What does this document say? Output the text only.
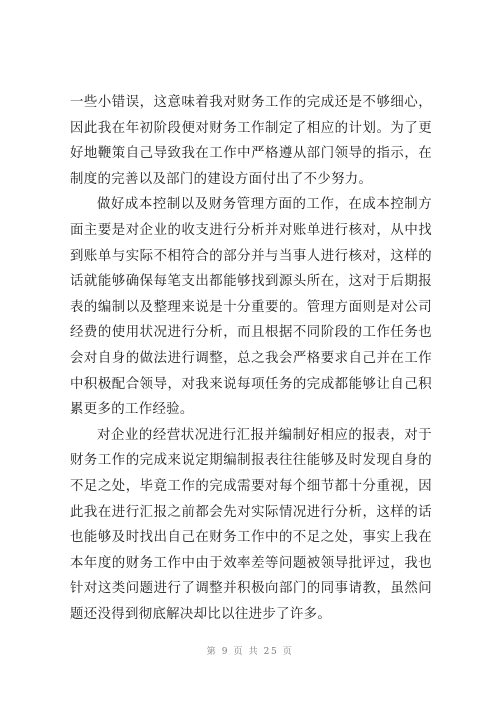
一些小错误，这意味着我对财务工作的完成还是不够细心，因此我在年初阶段便对财务工作制定了相应的计划。为了更好地鞭策自己导致我在工作中严格遵从部门领导的指示，在制度的完善以及部门的建设方面付出了不少努力。

做好成本控制以及财务管理方面的工作，在成本控制方面主要是对企业的收支进行分析并对账单进行核对，从中找到账单与实际不相符合的部分并与当事人进行核对，这样的话就能够确保每笔支出都能够找到源头所在，这对于后期报表的编制以及整理来说是十分重要的。管理方面则是对公司经费的使用状况进行分析，而且根据不同阶段的工作任务也会对自身的做法进行调整，总之我会严格要求自己并在工作中积极配合领导，对我来说每项任务的完成都能够让自己积累更多的工作经验。

对企业的经营状况进行汇报并编制好相应的报表，对于财务工作的完成来说定期编制报表往往能够及时发现自身的不足之处，毕竟工作的完成需要对每个细节都十分重视，因此我在进行汇报之前都会先对实际情况进行分析，这样的话也能够及时找出自己在财务工作中的不足之处，事实上我在本年度的财务工作中由于效率差等问题被领导批评过，我也针对这类问题进行了调整并积极向部门的同事请教，虽然问题还没得到彻底解决却比以往进步了许多。

第 9 页 共 25 页
